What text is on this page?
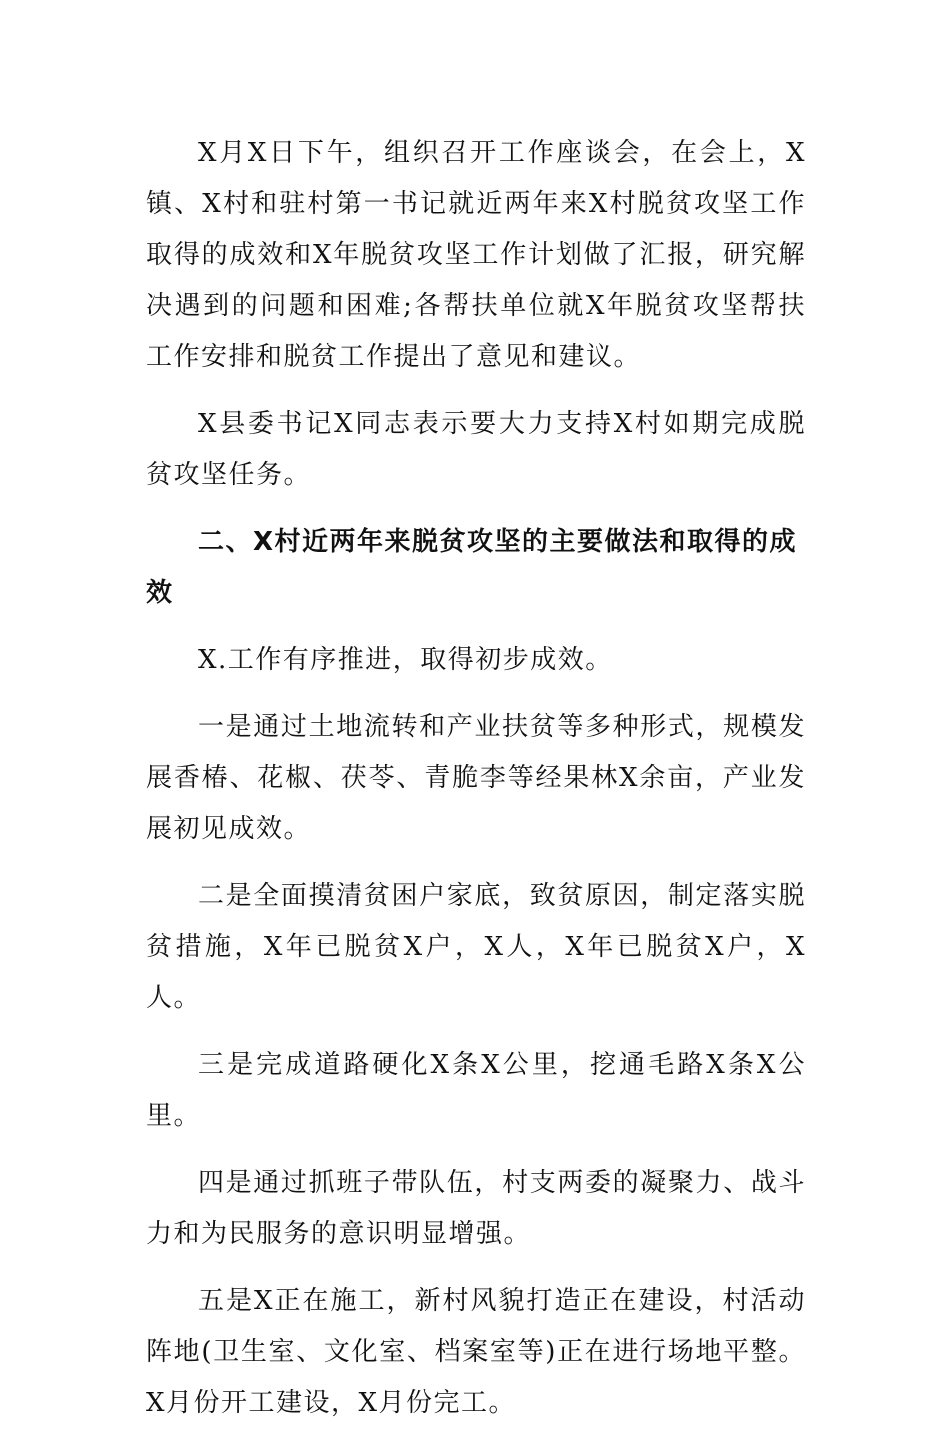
X月X日下午，组织召开工作座谈会，在会上，X镇、X村和驻村第一书记就近两年来X村脱贫攻坚工作取得的成效和X年脱贫攻坚工作计划做了汇报，研究解决遇到的问题和困难;各帮扶单位就X年脱贫攻坚帮扶工作安排和脱贫工作提出了意见和建议。

X县委书记X同志表示要大力支持X村如期完成脱贫攻坚任务。

二、X村近两年来脱贫攻坚的主要做法和取得的成效

X.工作有序推进，取得初步成效。

一是通过土地流转和产业扶贫等多种形式，规模发展香椿、花椒、茯苓、青脆李等经果林X余亩，产业发展初见成效。

二是全面摸清贫困户家底，致贫原因，制定落实脱贫措施，X年已脱贫X户，X人，X年已脱贫X户，X人。

三是完成道路硬化X条X公里，挖通毛路X条X公里。

四是通过抓班子带队伍，村支两委的凝聚力、战斗力和为民服务的意识明显增强。

五是X正在施工，新村风貌打造正在建设，村活动阵地(卫生室、文化室、档案室等)正在进行场地平整。X月份开工建设，X月份完工。
